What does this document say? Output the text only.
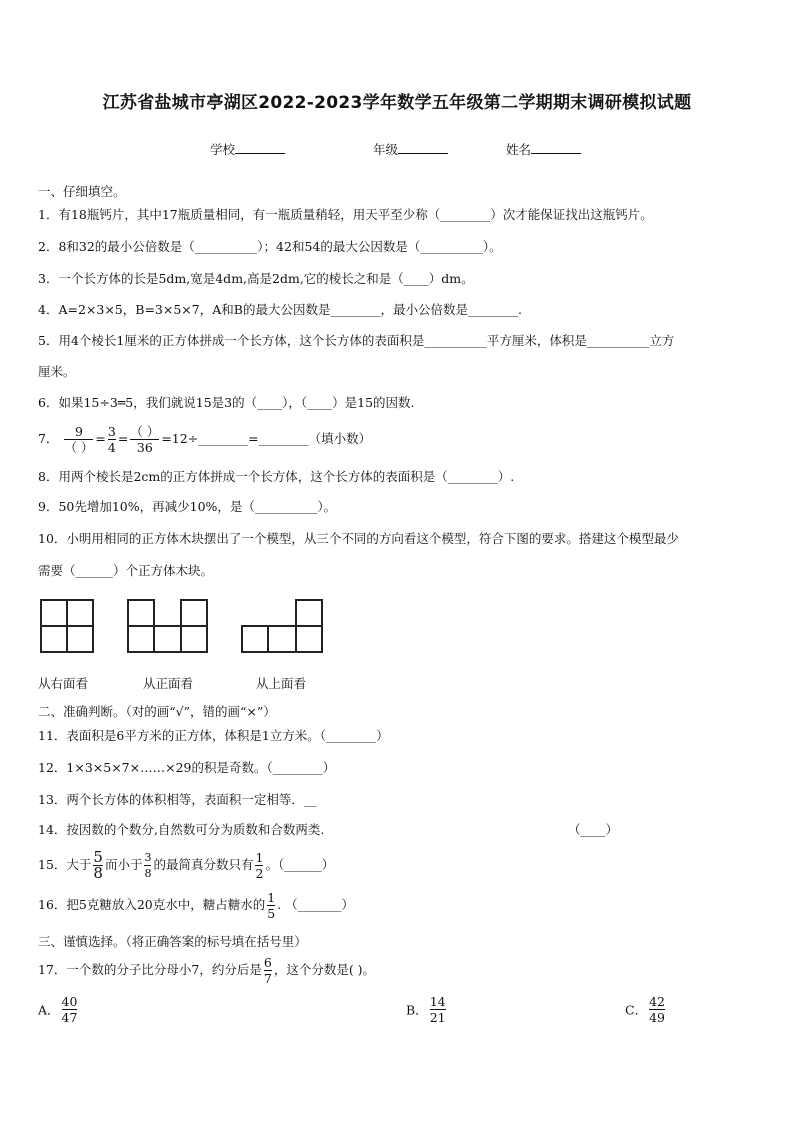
江苏省盐城市亭湖区2022-2023学年数学五年级第二学期期末调研模拟试题
学校	年级	姓名
一、仔细填空。
1．有18瓶钙片，其中17瓶质量相同，有一瓶质量稍轻，用天平至少称（________）次才能保证找出这瓶钙片。
2．8和32的最小公倍数是（__________）；42和54的最大公因数是（__________）。
3．一个长方体的长是5dm,宽是4dm,高是2dm,它的棱长之和是（____）dm。
4．A=2×3×5，B=3×5×7，A和B的最大公因数是________，最小公倍数是________.
5．用4个棱长1厘米的正方体拼成一个长方体，这个长方体的表面积是__________平方厘米，体积是__________立方
厘米。
6．如果15÷3═5，我们就说15是3的（____），（____）是15的因数.
7． $\frac{9}{( )} = \frac{3}{4} = \frac{( )}{36}$ =12÷________=________（填小数）
8．用两个棱长是2cm的正方体拼成一个长方体，这个长方体的表面积是（________）.
9．50先增加10%，再减少10%，是（__________）。
10．小明用相同的正方体木块摆出了一个模型，从三个不同的方向看这个模型，符合下图的要求。搭建这个模型最少
需要（______）个正方体木块。
从右面看	从正面看	从上面看
二、准确判断。（对的画“√”，错的画“×”）
11．表面积是6平方米的正方体，体积是1立方米。（________）
12．1×3×5×7×……×29的积是奇数。（________）
13．两个长方体的体积相等，表面积一定相等．__
14．按因数的个数分,自然数可分为质数和合数两类.	（____）
15．大于 $\frac{5}{8}$ 而小于 $\frac{3}{8}$ 的最简真分数只有 $\frac{1}{2}$ 。（______）
16．把5克糖放入20克水中，糖占糖水的 $\frac{1}{5}$ . （_______）
三、谨慎选择。（将正确答案的标号填在括号里）
17．一个数的分子比分母小7，约分后是 $\frac{6}{7}$ ，这个分数是( )。
A． $\frac{40}{47}$	B． $\frac{14}{21}$	C． $\frac{42}{49}$
